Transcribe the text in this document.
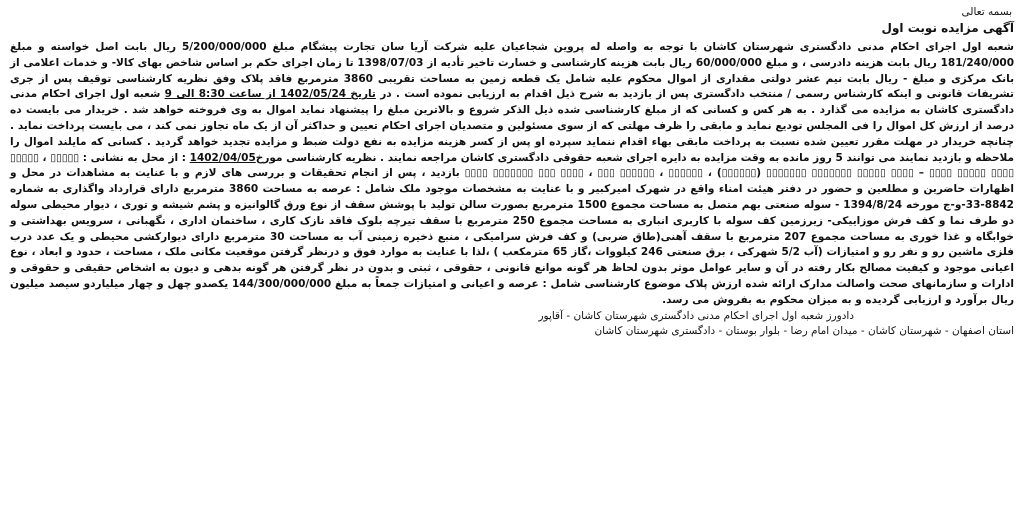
بسمه تعالی
آگهی مزایده نوبت اول

شعبه اول اجرای احکام مدنی دادگستری شهرستان کاشان با توجه به واصله له پروین شجاعیان علیه شرکت آریا سان تجارت پیشگام مبلغ 5/200/000/000 ریال بابت اصل خواسته و مبلغ 181/240/000 ریال بابت هزینه دادرسی ، و مبلغ 60/000/000 ریال بابت هزینه کارشناسی و خسارت تاخیر تأدیه از 1398/07/03 تا زمان اجرای حکم بر اساس شاخص بهای کالا- و خدمات اعلامی از بانک مرکزی و مبلغ - ریال بابت نیم عشر دولتی مقداری از اموال محکوم علیه شامل یک قطعه زمین به مساحت تقریبی 3860 مترمربع فاقد پلاک وفق نظریه کارشناسی توقیف پس از جری تشریفات قانونی و اینکه کارشناس رسمی / منتخب دادگستری پس از بازدید به شرح ذیل اقدام به ارزیابی نموده است . در تاریخ 1402/05/24 از ساعت 8:30 الی 9 شعبه اول اجرای احکام مدنی دادگستری کاشان به مزایده می گذارد . به هر کس و کسانی که از مبلغ کارشناسی شده ذیل الذکر شروع و بالاترین مبلغ را پیشنهاد نماید اموال به وی فروخته خواهد شد . خریدار می بایست ده درصد از ارزش کل اموال را فی المجلس تودیع نماید و مابقی را ظرف مهلتی که از سوی مسئولین و متصدیان اجرای احکام تعیین و حداکثر آن از یک ماه تجاوز نمی کند ، می بایست پرداخت نماید . چنانچه خریدار در مهلت مقرر تعیین شده نسبت به پرداخت مابقی بهاء اقدام ننماید سپرده او پس از کسر هزینه مزایده به نفع دولت ضبط و مزایده تجدید خواهد گردید . کسانی که مایلند اموال را ملاحظه و بازدید نمایند می توانند 5 روز مانده به وقت مزایده به دایره اجرای شعبه حقوقی دادگستری کاشان مراجعه نمایند . نظریه کارشناسی مورخ1402/04/05 : از محل به نشانی : ▯▯▯▯▯ ، ▯▯▯▯▯ ▯▯▯▯ ▯▯▯▯▯ ▯▯▯▯ – ▯▯▯▯ ▯▯▯▯▯ ▯▯▯▯▯▯▯ ▯▯▯▯▯▯▯ (▯▯▯▯▯▯) ، ▯▯▯▯▯▯ ، ▯▯▯▯▯▯ ▯▯▯ ، ▯▯▯▯ ▯▯▯ ▯▯▯▯▯▯▯ ▯▯▯▯ بازدید ، پس از انجام تحقیقات و بررسی های لازم و با عنایت به مشاهدات در محل و اظهارات حاضرین و مطلعین و حضور در دفتر هیئت امناء واقع در شهرک امیرکبیر و با عنایت به مشخصات موجود ملک شامل : عرصه به مساحت 3860 مترمربع دارای قرارداد واگذاری به شماره 8842-33-و-ج مورخه 1394/8/24 - سوله صنعتی بهم متصل به مساحت مجموع 1500 مترمربع بصورت سالن تولید با پوشش سقف از نوع ورق گالوانیزه و پشم شیشه و توری ، دیوار محیطی سوله دو طرف نما و کف فرش موزاییکی- زیرزمین کف سوله با کاربری انباری به مساحت مجموع 250 مترمربع با سقف تیرچه بلوک فاقد نازک کاری ، ساختمان اداری ، نگهبانی ، سرویس بهداشتی و خوابگاه و غذا خوری به مساحت مجموع 207 مترمربع با سقف آهنی(طاق ضربی) و کف فرش سرامیکی ، منبع ذخیره زمینی آب به مساحت 30 مترمربع دارای دیوارکشی محیطی و یک عدد درب فلزی ماشین رو و نفر رو و امتیازات (آب 5/2 شهرکی ، برق صنعتی 246 کیلووات ،گاز 65 مترمکعب ) ،لذا با عنایت به موارد فوق و درنظر گرفتن موقعیت مکانی ملک ، مساحت ، حدود و ابعاد ، نوع اعیانی موجود و کیفیت مصالح بکار رفته در آن و سایر عوامل موثر بدون لحاظ هر گونه موانع قانونی ، حقوقی ، ثبتی و بدون در نظر گرفتن هر گونه بدهی و دیون به اشخاص حقیقی و حقوقی و ادارات و سازمانهای صحت واصالت مدارک ارائه شده ارزش پلاک موضوع کارشناسی شامل : عرصه و اعیانی و امتیازات جمعاً به مبلغ 144/300/000/000 یکصدو چهل و چهار میلیاردو سیصد میلیون ریال برآورد و ارزیابی گردیده و به میزان محکوم به بفروش می رسد.

دادورز شعبه اول اجرای احکام مدنی دادگستری شهرستان کاشان - آقاپور
استان اصفهان - شهرستان کاشان - میدان امام رضا - بلوار بوستان - دادگستری شهرستان کاشان
